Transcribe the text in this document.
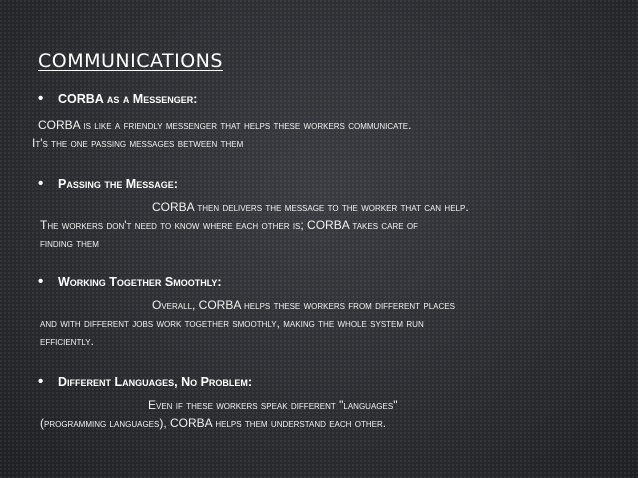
COMMUNICATIONS
• CORBA as a Messenger:
CORBA is like a friendly messenger that helps these workers communicate.
It's the one passing messages between them
• Passing the Message:
CORBA then delivers the message to the worker that can help.
The workers don't need to know where each other is; CORBA takes care of
finding them
• Working Together Smoothly:
Overall, CORBA helps these workers from different places
and with different jobs work together smoothly, making the whole system run
efficiently.
• Different Languages, No Problem:
Even if these workers speak different "languages"
(programming languages), CORBA helps them understand each other.
